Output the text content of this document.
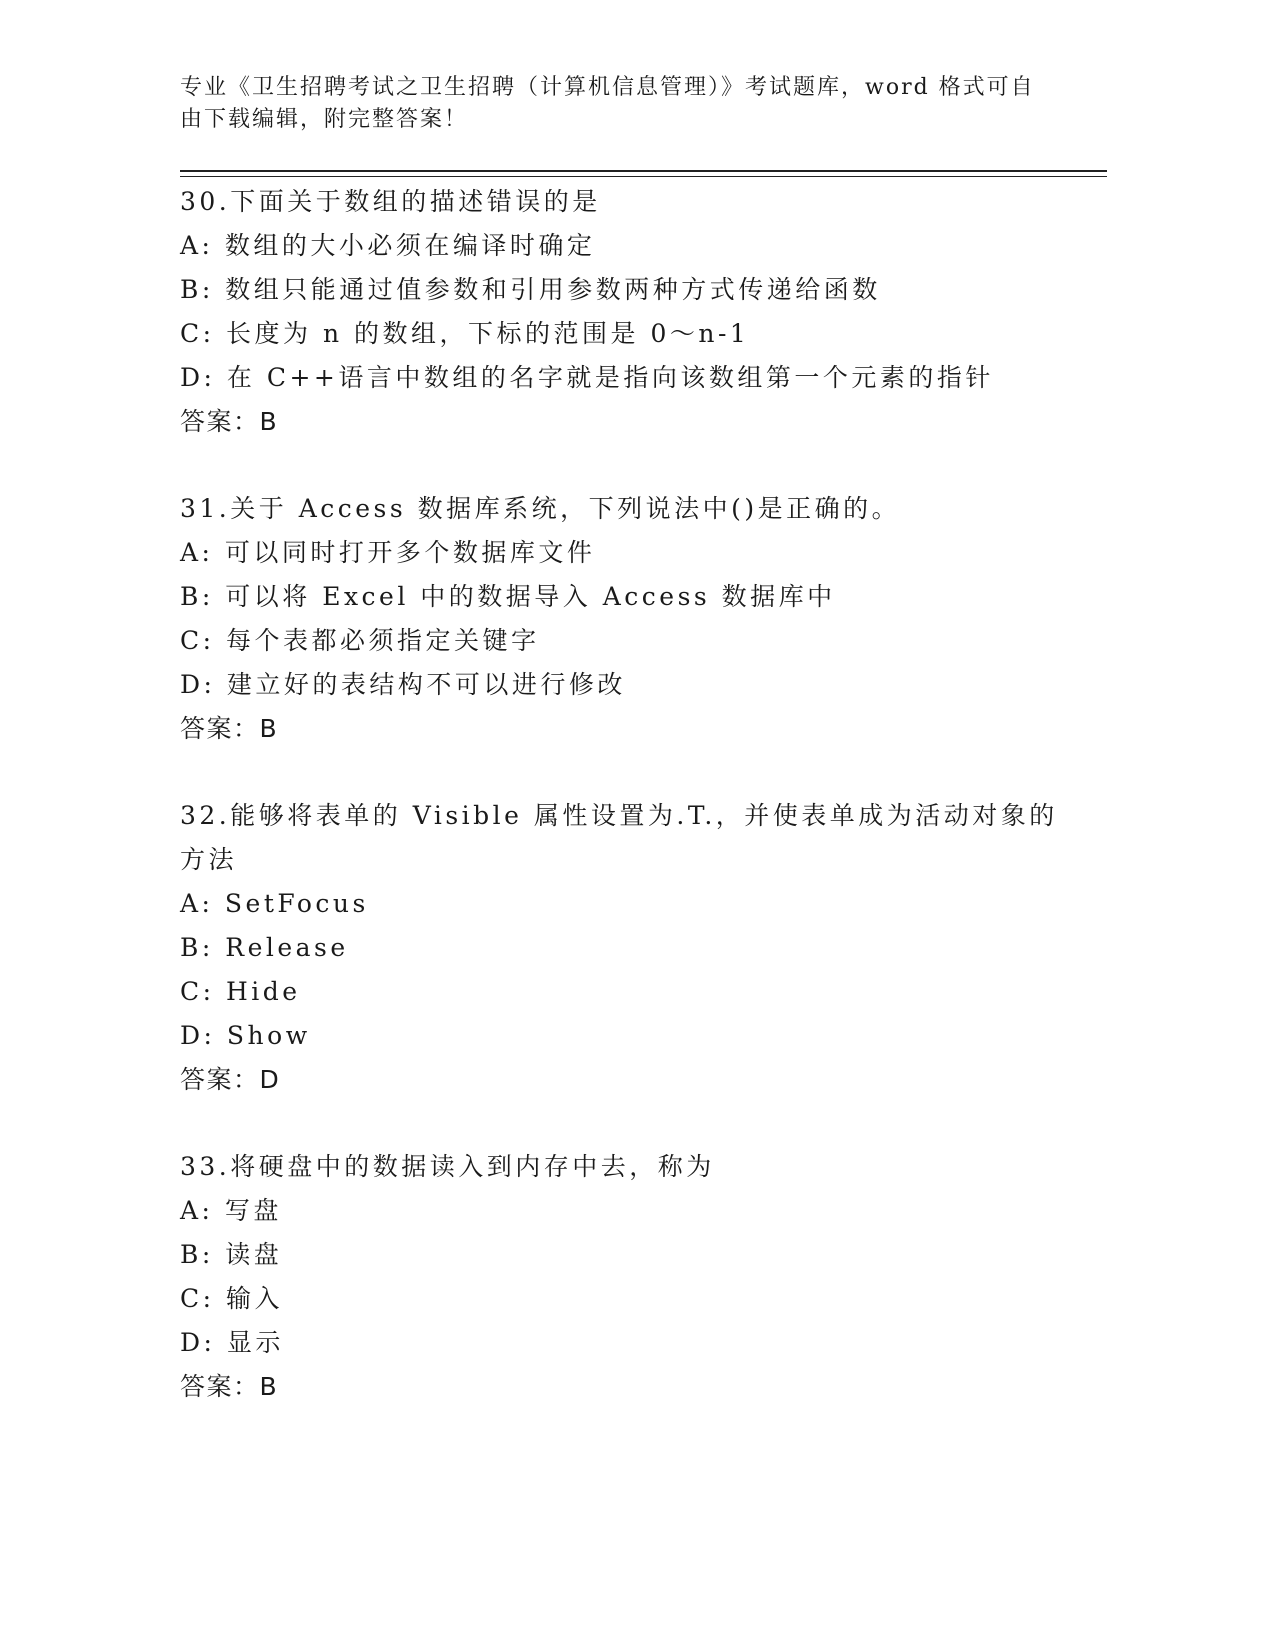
专业《卫生招聘考试之卫生招聘（计算机信息管理）》考试题库，word 格式可自
由下载编辑，附完整答案！
30.下面关于数组的描述错误的是
A: 数组的大小必须在编译时确定
B: 数组只能通过值参数和引用参数两种方式传递给函数
C: 长度为 n 的数组，下标的范围是 0～n-1
D: 在 C++语言中数组的名字就是指向该数组第一个元素的指针
答案：B
31.关于 Access 数据库系统，下列说法中()是正确的。
A: 可以同时打开多个数据库文件
B: 可以将 Excel 中的数据导入 Access 数据库中
C: 每个表都必须指定关键字
D: 建立好的表结构不可以进行修改
答案：B
32.能够将表单的 Visible 属性设置为.T.，并使表单成为活动对象的
方法
A: SetFocus
B: Release
C: Hide
D: Show
答案：D
33.将硬盘中的数据读入到内存中去，称为
A: 写盘
B: 读盘
C: 输入
D: 显示
答案：B
